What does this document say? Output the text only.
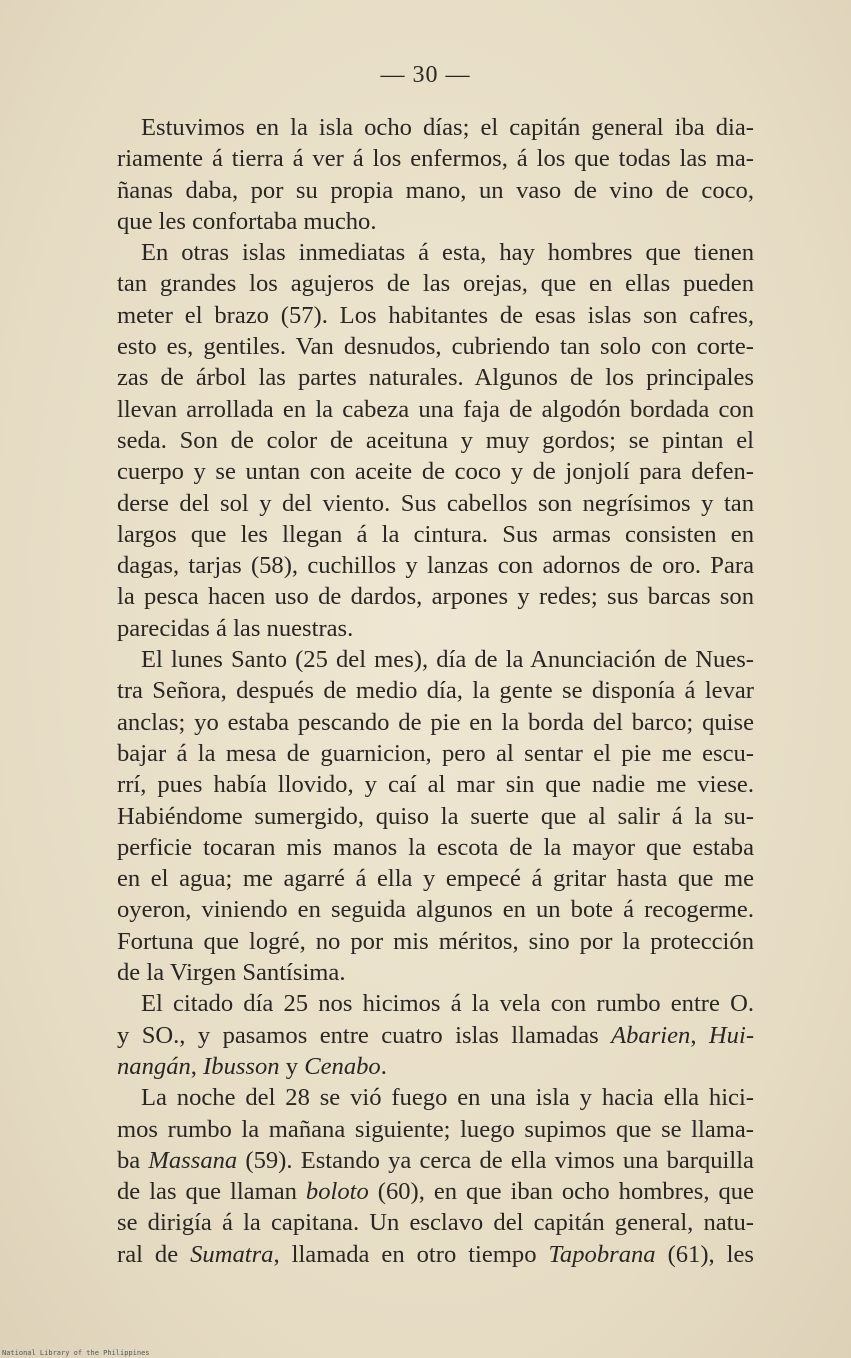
— 30 —
Estuvimos en la isla ocho días; el capitán general iba dia-
riamente á tierra á ver á los enfermos, á los que todas las ma-
ñanas daba, por su propia mano, un vaso de vino de coco,
que les confortaba mucho.
En otras islas inmediatas á esta, hay hombres que tienen
tan grandes los agujeros de las orejas, que en ellas pueden
meter el brazo (57). Los habitantes de esas islas son cafres,
esto es, gentiles. Van desnudos, cubriendo tan solo con corte-
zas de árbol las partes naturales. Algunos de los principales
llevan arrollada en la cabeza una faja de algodón bordada con
seda. Son de color de aceituna y muy gordos; se pintan el
cuerpo y se untan con aceite de coco y de jonjolí para defen-
derse del sol y del viento. Sus cabellos son negrísimos y tan
largos que les llegan á la cintura. Sus armas consisten en
dagas, tarjas (58), cuchillos y lanzas con adornos de oro. Para
la pesca hacen uso de dardos, arpones y redes; sus barcas son
parecidas á las nuestras.
El lunes Santo (25 del mes), día de la Anunciación de Nues-
tra Señora, después de medio día, la gente se disponía á levar
anclas; yo estaba pescando de pie en la borda del barco; quise
bajar á la mesa de guarnicion, pero al sentar el pie me escu-
rrí, pues había llovido, y caí al mar sin que nadie me viese.
Habiéndome sumergido, quiso la suerte que al salir á la su-
perficie tocaran mis manos la escota de la mayor que estaba
en el agua; me agarré á ella y empecé á gritar hasta que me
oyeron, viniendo en seguida algunos en un bote á recogerme.
Fortuna que logré, no por mis méritos, sino por la protección
de la Virgen Santísima.
El citado día 25 nos hicimos á la vela con rumbo entre O.
y SO., y pasamos entre cuatro islas llamadas Abarien, Hui-
nangán, Ibusson y Cenabo.
La noche del 28 se vió fuego en una isla y hacia ella hici-
mos rumbo la mañana siguiente; luego supimos que se llama-
ba Massana (59). Estando ya cerca de ella vimos una barquilla
de las que llaman boloto (60), en que iban ocho hombres, que
se dirigía á la capitana. Un esclavo del capitán general, natu-
ral de Sumatra, llamada en otro tiempo Tapobrana (61), les
National Library of the Philippines
